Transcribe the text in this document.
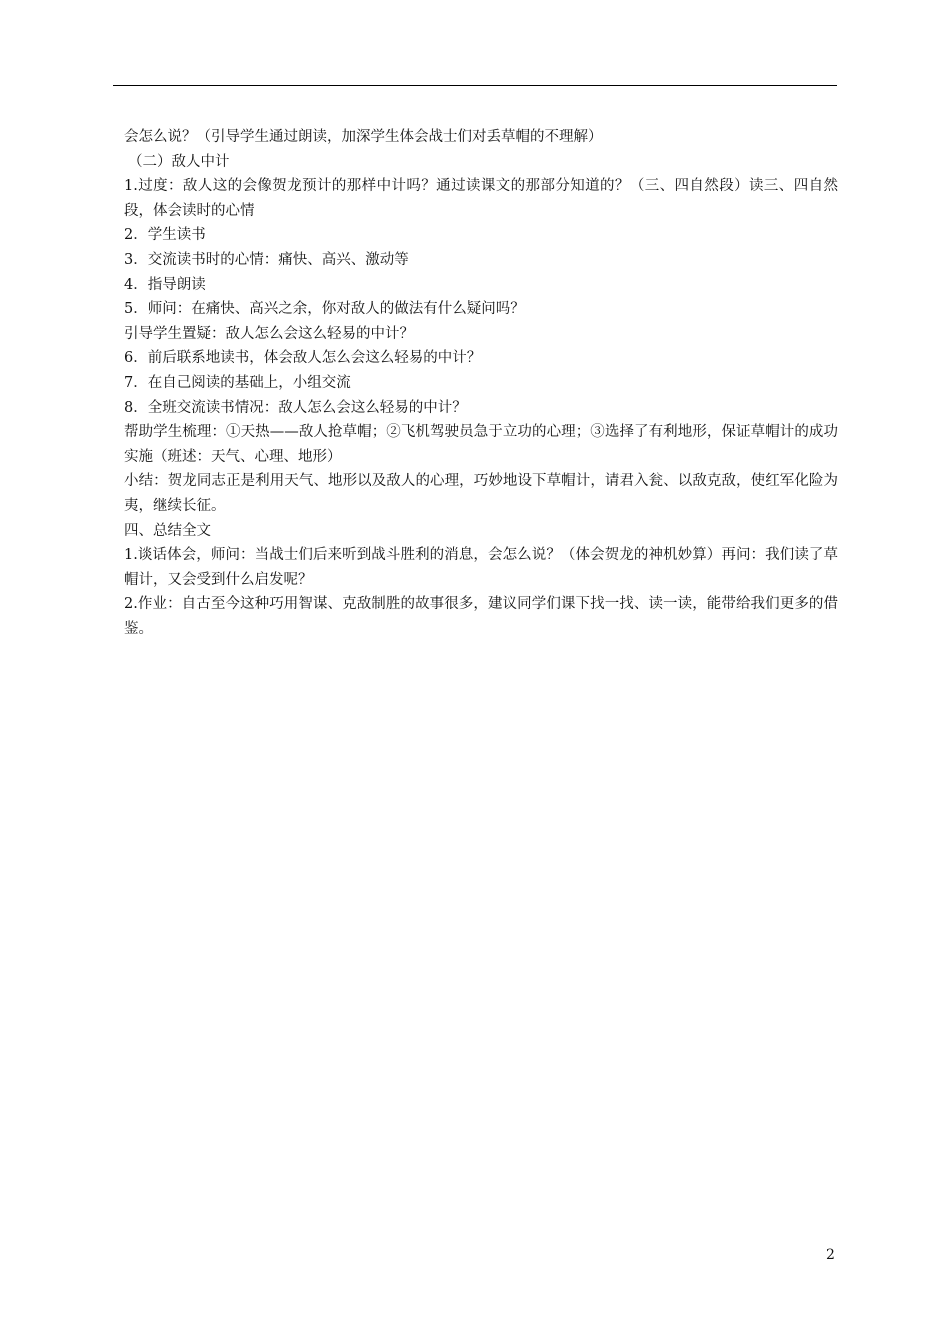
会怎么说？（引导学生通过朗读，加深学生体会战士们对丢草帽的不理解）

（二）敌人中计

1.过度：敌人这的会像贺龙预计的那样中计吗？通过读课文的那部分知道的？（三、四自然段）读三、四自然段，体会读时的心情

2．学生读书

3．交流读书时的心情：痛快、高兴、激动等

4．指导朗读

5．师问：在痛快、高兴之余，你对敌人的做法有什么疑问吗？

引导学生置疑：敌人怎么会这么轻易的中计？

6．前后联系地读书，体会敌人怎么会这么轻易的中计？

7．在自己阅读的基础上，小组交流

8．全班交流读书情况：敌人怎么会这么轻易的中计？

帮助学生梳理：①天热——敌人抢草帽；②飞机驾驶员急于立功的心理；③选择了有利地形，保证草帽计的成功实施（班述：天气、心理、地形）

小结：贺龙同志正是利用天气、地形以及敌人的心理，巧妙地设下草帽计，请君入瓮、以敌克敌，使红军化险为夷，继续长征。

四、总结全文

1.谈话体会，师问：当战士们后来听到战斗胜利的消息，会怎么说？（体会贺龙的神机妙算）再问：我们读了草帽计，又会受到什么启发呢？

2.作业：自古至今这种巧用智谋、克敌制胜的故事很多，建议同学们课下找一找、读一读，能带给我们更多的借鉴。

2
